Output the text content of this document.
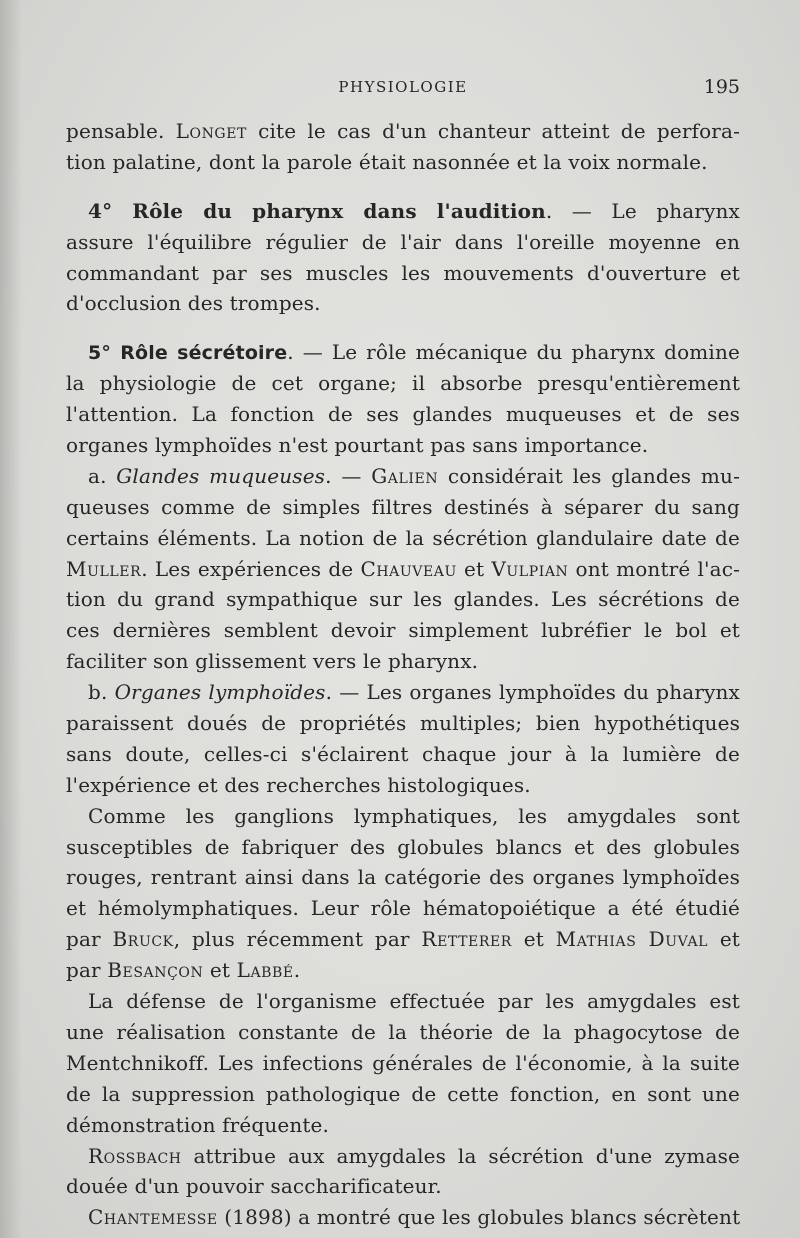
PHYSIOLOGIE	195
pensable. Longet cite le cas d'un chanteur atteint de perfora-
tion palatine, dont la parole était nasonnée et la voix normale.
4° Rôle du pharynx dans l'audition. — Le pharynx
assure l'équilibre régulier de l'air dans l'oreille moyenne en
commandant par ses muscles les mouvements d'ouverture et
d'occlusion des trompes.
5° Rôle sécrétoire. — Le rôle mécanique du pharynx domine
la physiologie de cet organe; il absorbe presqu'entièrement
l'attention. La fonction de ses glandes muqueuses et de ses
organes lymphoïdes n'est pourtant pas sans importance.
a. Glandes muqueuses. — Galien considérait les glandes mu-
queuses comme de simples filtres destinés à séparer du sang
certains éléments. La notion de la sécrétion glandulaire date de
Muller. Les expériences de Chauveau et Vulpian ont montré l'ac-
tion du grand sympathique sur les glandes. Les sécrétions de
ces dernières semblent devoir simplement lubréfier le bol et
faciliter son glissement vers le pharynx.
b. Organes lymphoïdes. — Les organes lymphoïdes du pharynx
paraissent doués de propriétés multiples; bien hypothétiques
sans doute, celles-ci s'éclairent chaque jour à la lumière de
l'expérience et des recherches histologiques.
Comme les ganglions lymphatiques, les amygdales sont
susceptibles de fabriquer des globules blancs et des globules
rouges, rentrant ainsi dans la catégorie des organes lymphoïdes
et hémolymphatiques. Leur rôle hématopoiétique a été étudié
par Bruck, plus récemment par Retterer et Mathias Duval et
par Besançon et Labbé.
La défense de l'organisme effectuée par les amygdales est
une réalisation constante de la théorie de la phagocytose de
Mentchnikoff. Les infections générales de l'économie, à la suite
de la suppression pathologique de cette fonction, en sont une
démonstration fréquente.
Rossbach attribue aux amygdales la sécrétion d'une zymase
douée d'un pouvoir saccharificateur.
Chantemesse (1898) a montré que les globules blancs sécrètent
